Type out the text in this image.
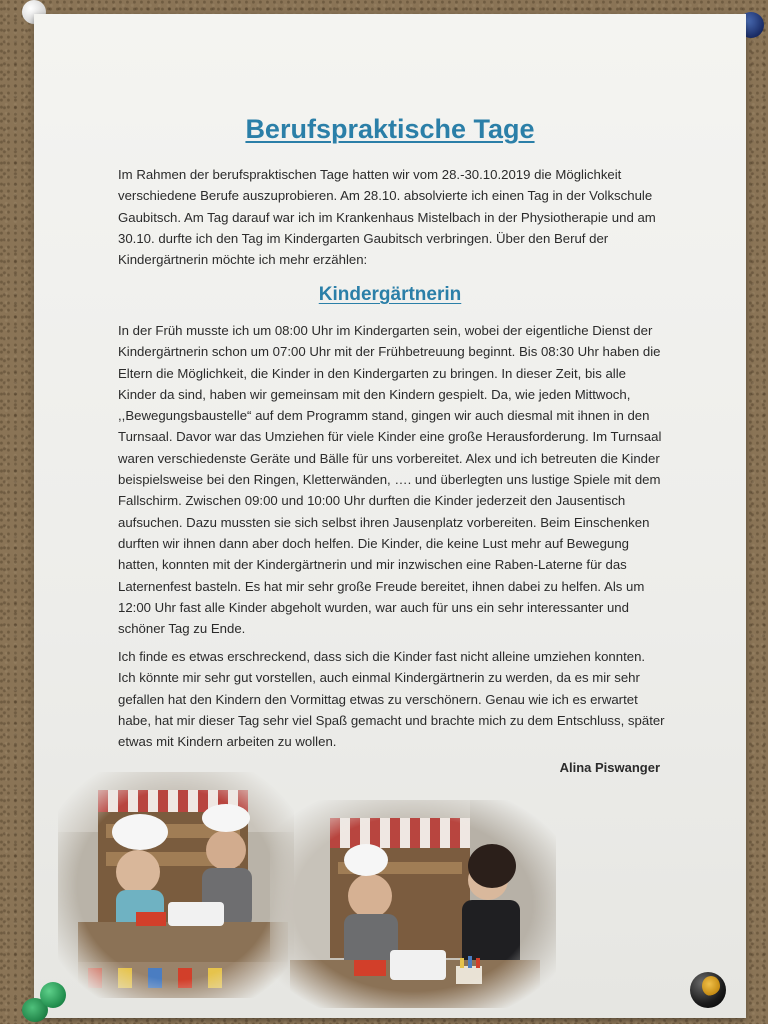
Berufspraktische Tage

Im Rahmen der berufspraktischen Tage hatten wir vom 28.-30.10.2019 die Möglichkeit verschiedene Berufe auszuprobieren. Am 28.10. absolvierte ich einen Tag in der Volkschule Gaubitsch. Am Tag darauf war ich im Krankenhaus Mistelbach in der Physiotherapie und am 30.10. durfte ich den Tag im Kindergarten Gaubitsch verbringen. Über den Beruf der Kindergärtnerin möchte ich mehr erzählen:

Kindergärtnerin

In der Früh musste ich um 08:00 Uhr im Kindergarten sein, wobei der eigentliche Dienst der Kindergärtnerin schon um 07:00 Uhr mit der Frühbetreuung beginnt. Bis 08:30 Uhr haben die Eltern die Möglichkeit, die Kinder in den Kindergarten zu bringen. In dieser Zeit, bis alle Kinder da sind, haben wir gemeinsam mit den Kindern gespielt. Da, wie jeden Mittwoch, ,,Bewegungsbaustelle“ auf dem Programm stand, gingen wir auch diesmal mit ihnen in den Turnsaal. Davor war das Umziehen für viele Kinder eine große Herausforderung. Im Turnsaal waren verschiedenste Geräte und Bälle für uns vorbereitet. Alex und ich betreuten die Kinder beispielsweise bei den Ringen, Kletterwänden, …. und überlegten uns lustige Spiele mit dem Fallschirm. Zwischen 09:00 und 10:00 Uhr durften die Kinder jederzeit den Jausentisch aufsuchen. Dazu mussten sie sich selbst ihren Jausenplatz vorbereiten. Beim Einschenken durften wir ihnen dann aber doch helfen. Die Kinder, die keine Lust mehr auf Bewegung hatten, konnten mit der Kindergärtnerin und mir inzwischen eine Raben-Laterne für das Laternenfest basteln. Es hat mir sehr große Freude bereitet, ihnen dabei zu helfen. Als um 12:00 Uhr fast alle Kinder abgeholt wurden, war auch für uns ein sehr interessanter und schöner Tag zu Ende.

Ich finde es etwas erschreckend, dass sich die Kinder fast nicht alleine umziehen konnten. Ich könnte mir sehr gut vorstellen, auch einmal Kindergärtnerin zu werden, da es mir sehr gefallen hat den Kindern den Vormittag etwas zu verschönern. Genau wie ich es erwartet habe, hat mir dieser Tag sehr viel Spaß gemacht und brachte mich zu dem Entschluss, später etwas mit Kindern arbeiten zu wollen.

Alina Piswanger
